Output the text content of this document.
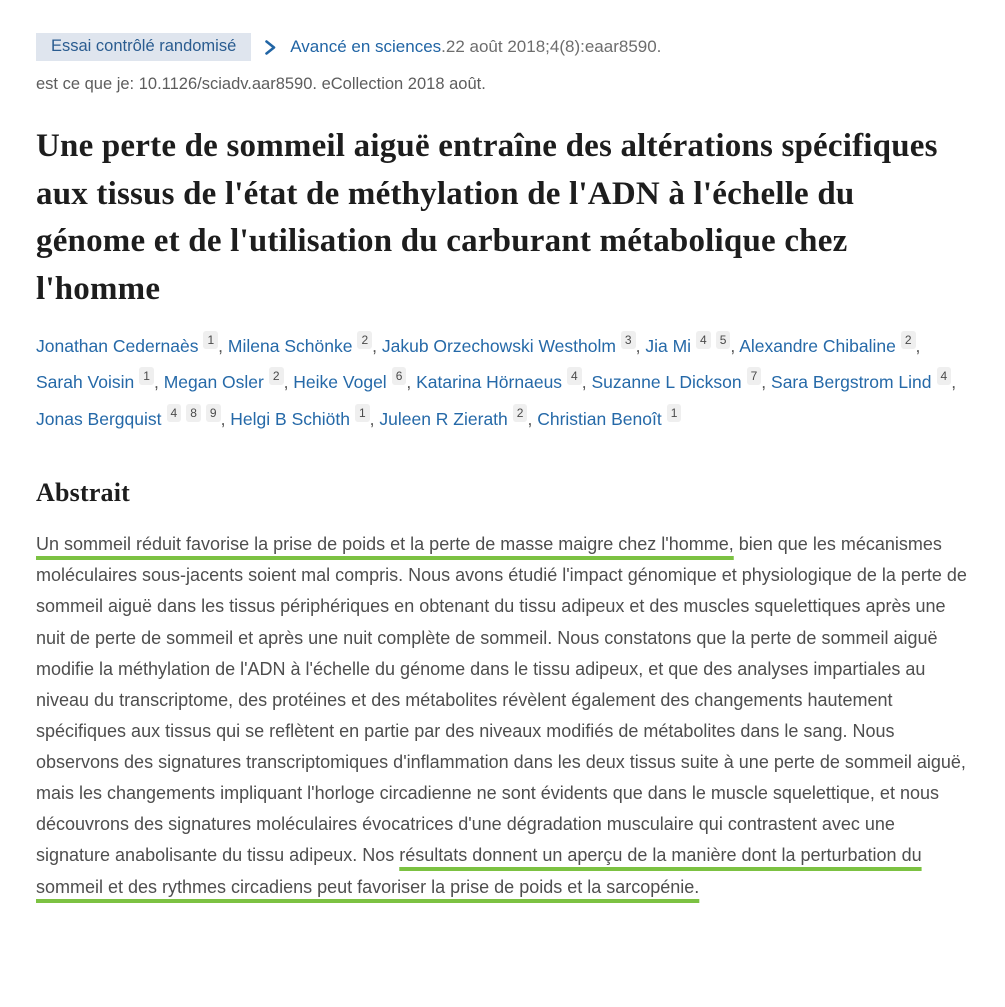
Essai contrôlé randomisé	Avancé en sciences.22 août 2018;4(8):eaar8590.
est ce que je: 10.1126/sciadv.aar8590. eCollection 2018 août.
Une perte de sommeil aiguë entraîne des altérations spécifiques aux tissus de l'état de méthylation de l'ADN à l'échelle du génome et de l'utilisation du carburant métabolique chez l'homme
Jonathan Cedernaès 1 , Milena Schönke 2 , Jakub Orzechowski Westholm 3 , Jia Mi 4 5 , Alexandre Chibaline 2 , Sarah Voisin 1 , Megan Osler 2 , Heike Vogel 6 , Katarina Hörnaeus 4 , Suzanne L Dickson 7 , Sara Bergstrom Lind 4 , Jonas Bergquist 4 8 9 , Helgi B Schiöth 1 , Juleen R Zierath 2 , Christian Benoît 1
Abstrait

Un sommeil réduit favorise la prise de poids et la perte de masse maigre chez l'homme, bien que les mécanismes moléculaires sous-jacents soient mal compris. Nous avons étudié l'impact génomique et physiologique de la perte de sommeil aiguë dans les tissus périphériques en obtenant du tissu adipeux et des muscles squelettiques après une nuit de perte de sommeil et après une nuit complète de sommeil. Nous constatons que la perte de sommeil aiguë modifie la méthylation de l'ADN à l'échelle du génome dans le tissu adipeux, et que des analyses impartiales au niveau du transcriptome, des protéines et des métabolites révèlent également des changements hautement spécifiques aux tissus qui se reflètent en partie par des niveaux modifiés de métabolites dans le sang. Nous observons des signatures transcriptomiques d'inflammation dans les deux tissus suite à une perte de sommeil aiguë, mais les changements impliquant l'horloge circadienne ne sont évidents que dans le muscle squelettique, et nous découvrons des signatures moléculaires évocatrices d'une dégradation musculaire qui contrastent avec une signature anabolisante du tissu adipeux. Nos résultats donnent un aperçu de la manière dont la perturbation du sommeil et des rythmes circadiens peut favoriser la prise de poids et la sarcopénie.
